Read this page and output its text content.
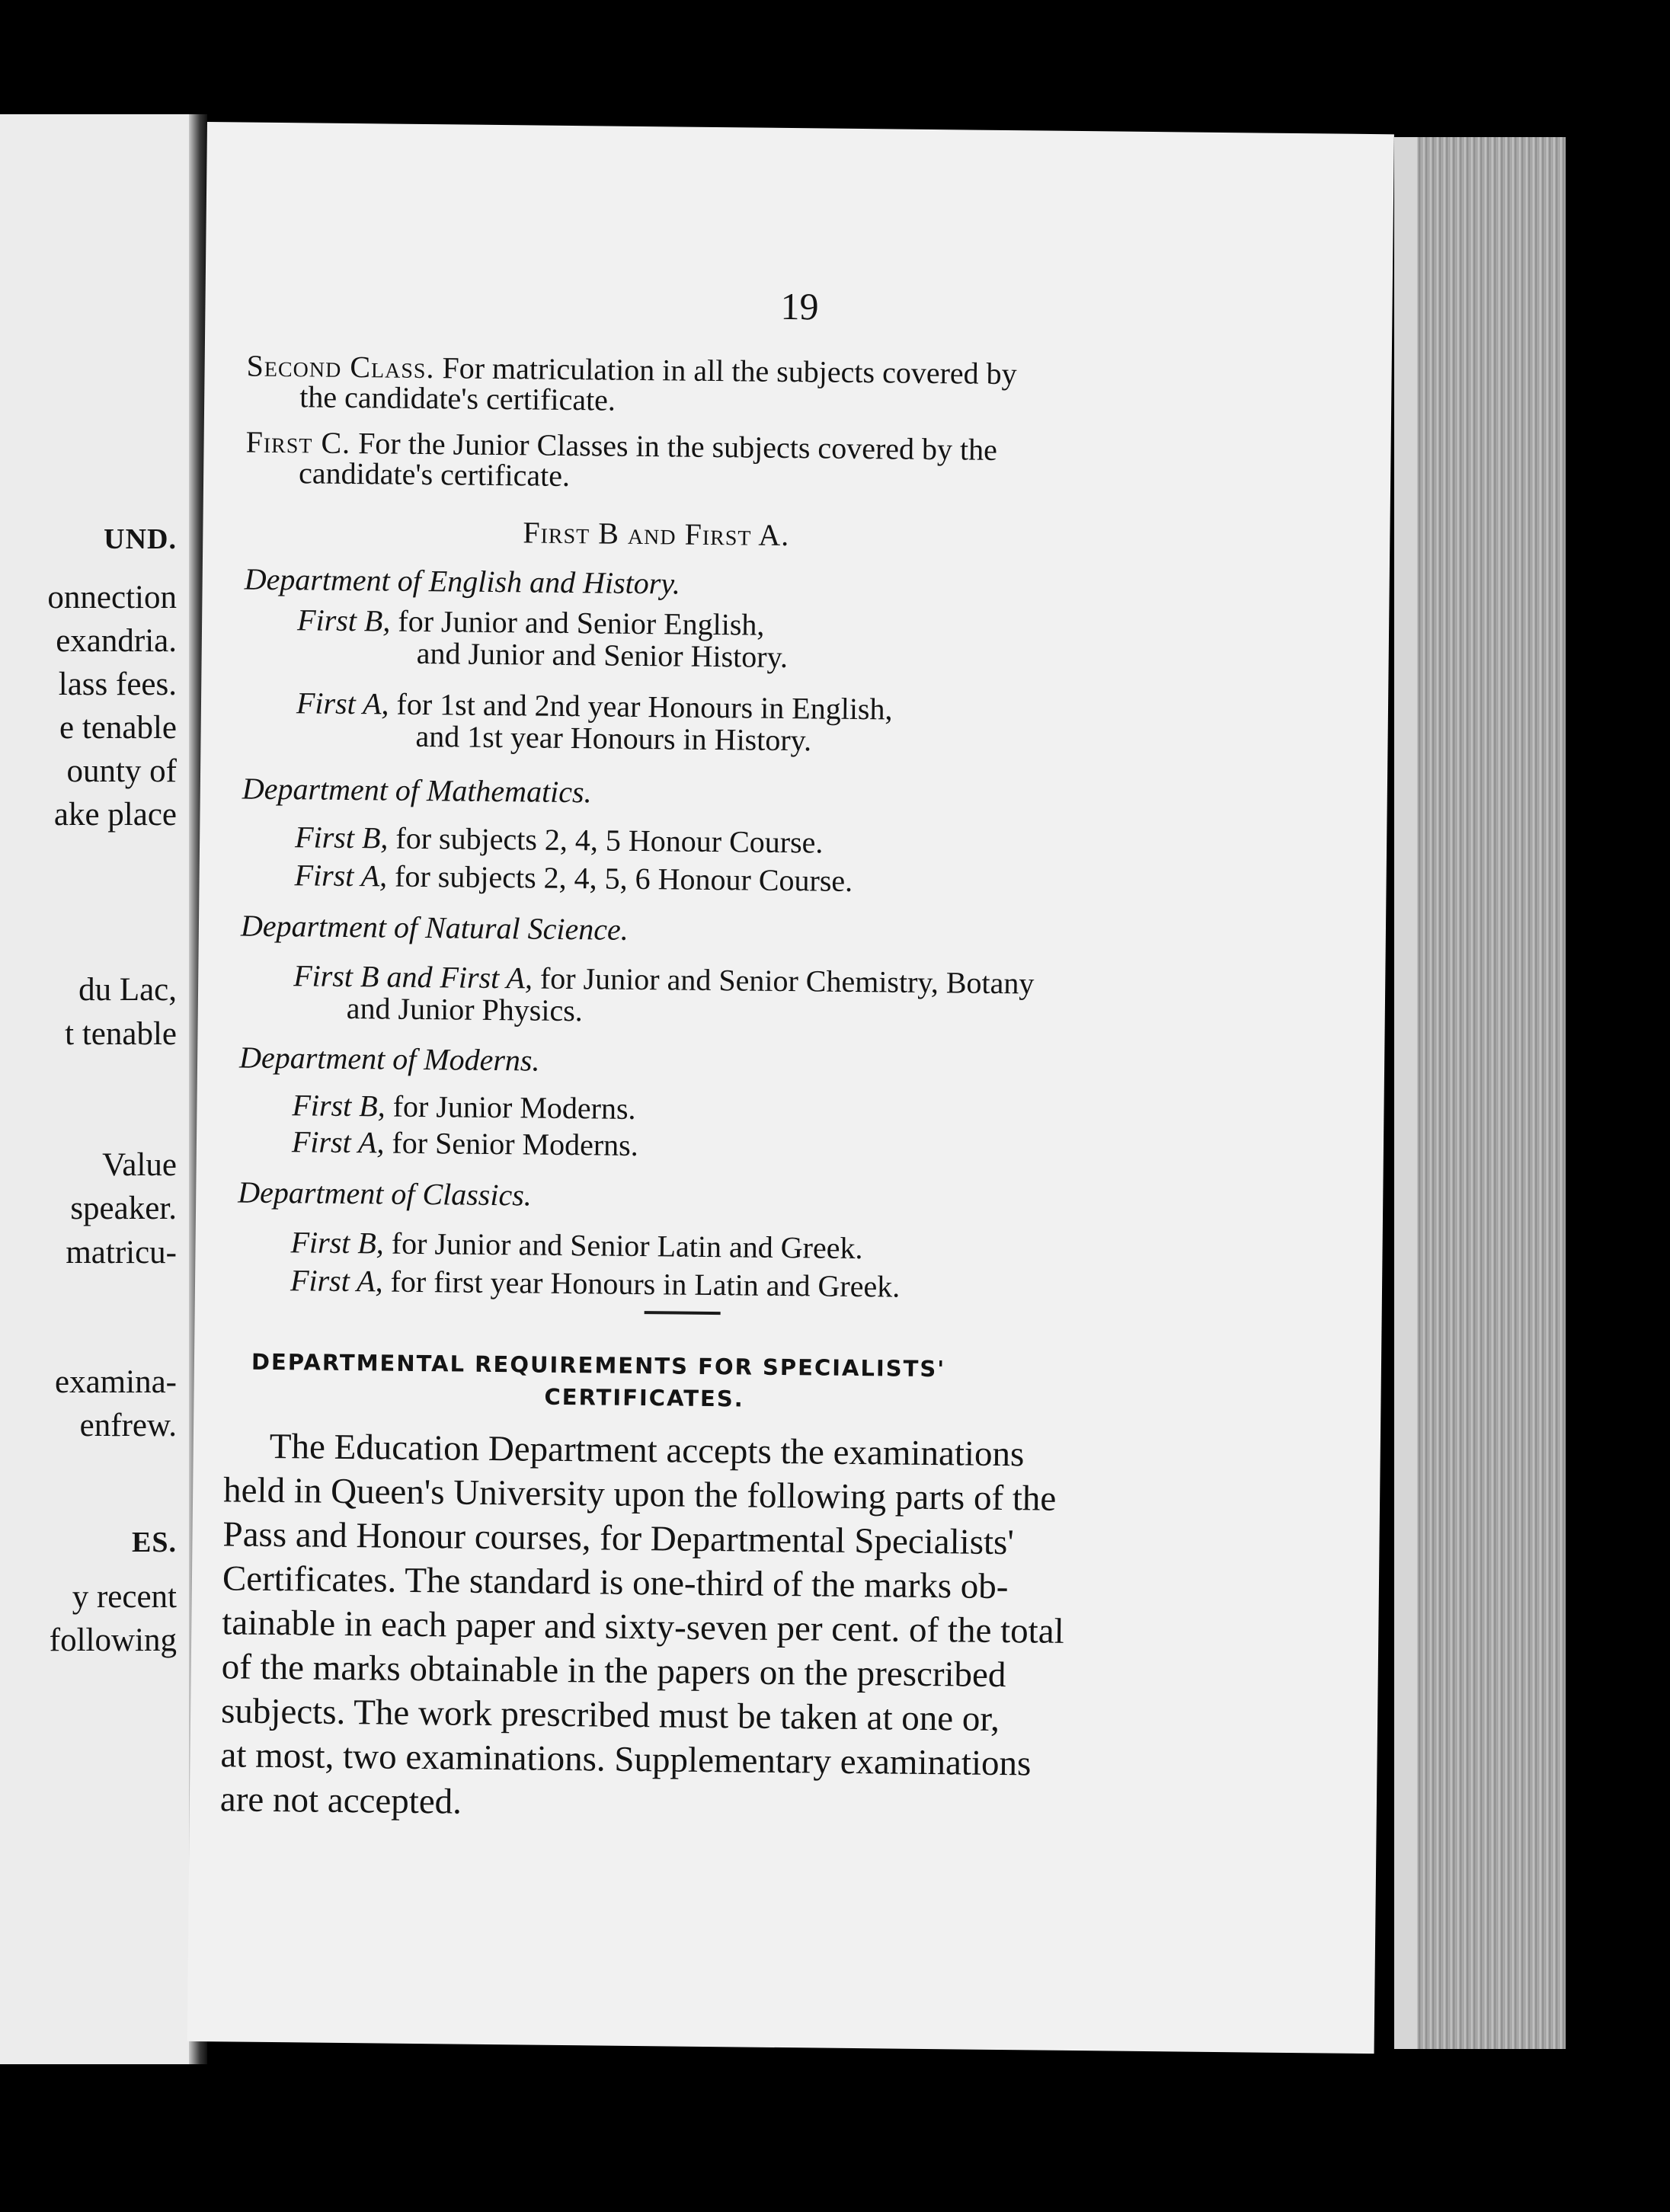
UND.
onnection
exandria.
lass fees.
e tenable
ounty of
ake place
du Lac,
t tenable
Value
speaker.
matricu-
examina-
enfrew.
ES.
y recent
following
19
Second Class. For matriculation in all the subjects covered by
the candidate's certificate.
First C. For the Junior Classes in the subjects covered by the
candidate's certificate.
First B and First A.
Department of English and History.
First B, for Junior and Senior English,
and Junior and Senior History.
First A, for 1st and 2nd year Honours in English,
and 1st year Honours in History.
Department of Mathematics.
First B, for subjects 2, 4, 5 Honour Course.
First A, for subjects 2, 4, 5, 6 Honour Course.
Department of Natural Science.
First B and First A, for Junior and Senior Chemistry, Botany
and Junior Physics.
Department of Moderns.
First B, for Junior Moderns.
First A, for Senior Moderns.
Department of Classics.
First B, for Junior and Senior Latin and Greek.
First A, for first year Honours in Latin and Greek.
DEPARTMENTAL REQUIREMENTS FOR SPECIALISTS'
CERTIFICATES.
The Education Department accepts the examinations
held in Queen's University upon the following parts of the
Pass and Honour courses, for Departmental Specialists'
Certificates. The standard is one-third of the marks ob-
tainable in each paper and sixty-seven per cent. of the total
of the marks obtainable in the papers on the prescribed
subjects. The work prescribed must be taken at one or,
at most, two examinations. Supplementary examinations
are not accepted.
